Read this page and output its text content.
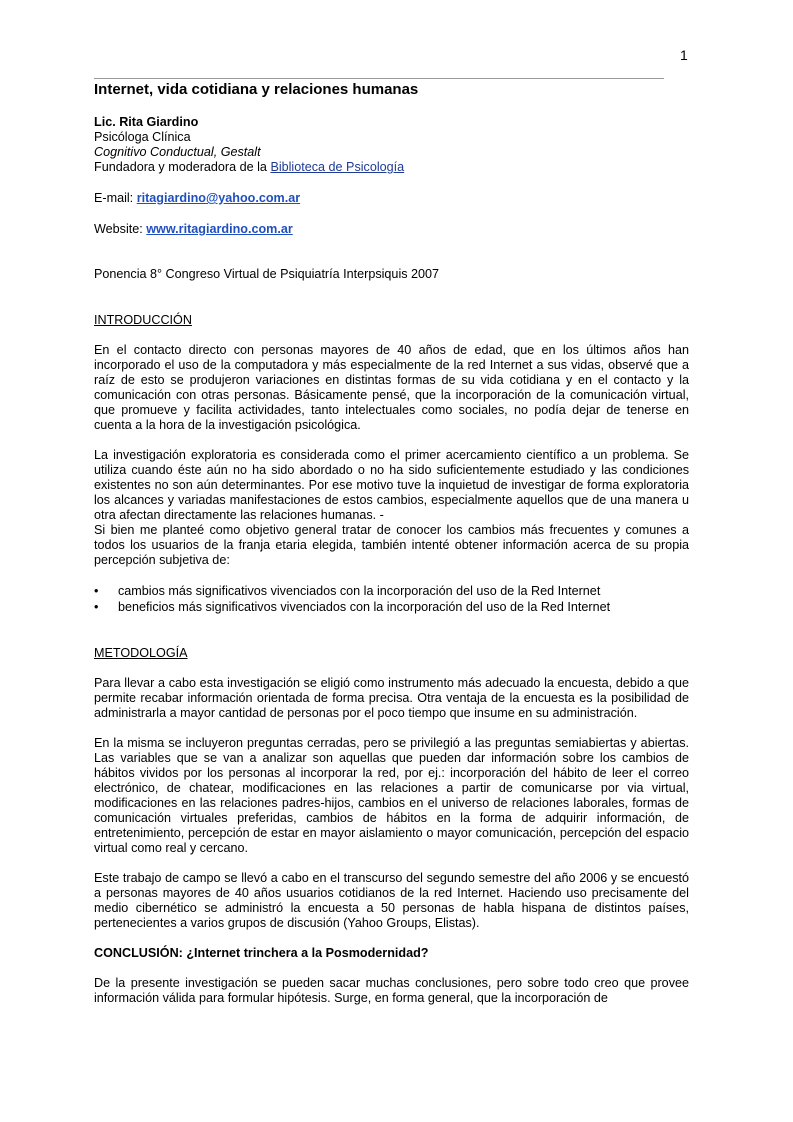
1
Internet, vida cotidiana y relaciones humanas

Lic. Rita Giardino

Psicóloga Clínica

Cognitivo Conductual, Gestalt

Fundadora y moderadora de la Biblioteca de Psicología

E-mail: ritagiardino@yahoo.com.ar

Website: www.ritagiardino.com.ar

Ponencia 8° Congreso Virtual de Psiquiatría Interpsiquis 2007

INTRODUCCIÓN

En el contacto directo con personas mayores de 40 años de edad, que en los últimos años han incorporado el uso de la computadora y más especialmente de la red Internet a sus vidas, observé que a raíz de esto se produjeron variaciones en distintas formas de su vida cotidiana y en el contacto y la comunicación con otras personas. Básicamente pensé, que la incorporación de la comunicación virtual, que promueve y facilita actividades, tanto intelectuales como sociales, no podía dejar de tenerse en cuenta a la hora de la investigación psicológica.

La investigación exploratoria es considerada como el primer acercamiento científico a un problema. Se utiliza cuando éste aún no ha sido abordado o no ha sido suficientemente estudiado y las condiciones existentes no son aún determinantes. Por ese motivo tuve la inquietud de investigar de forma exploratoria los alcances y variadas manifestaciones de estos cambios, especialmente aquellos que de una manera u otra afectan directamente las relaciones humanas. -

Si bien me planteé como objetivo general tratar de conocer los cambios más frecuentes y comunes a todos los usuarios de la franja etaria elegida, también intenté obtener información acerca de su propia percepción subjetiva de:

• cambios más significativos vivenciados con la incorporación del uso de la Red Internet
• beneficios más significativos vivenciados con la incorporación del uso de la Red Internet

METODOLOGÍA

Para llevar a cabo esta investigación se eligió como instrumento más adecuado la encuesta, debido a que permite recabar información orientada de forma precisa. Otra ventaja de la encuesta es la posibilidad de administrarla a mayor cantidad de personas por el poco tiempo que insume en su administración.

En la misma se incluyeron preguntas cerradas, pero se privilegió a las preguntas semiabiertas y abiertas. Las variables que se van a analizar son aquellas que pueden dar información sobre los cambios de hábitos vividos por los personas al incorporar la red, por ej.: incorporación del hábito de leer el correo electrónico, de chatear, modificaciones en las relaciones a partir de comunicarse por via virtual, modificaciones en las relaciones padres-hijos, cambios en el universo de relaciones laborales, formas de comunicación virtuales preferidas, cambios de hábitos en la forma de adquirir información, de entretenimiento, percepción de estar en mayor aislamiento o mayor comunicación, percepción del espacio virtual como real y cercano.

Este trabajo de campo se llevó a cabo en el transcurso del segundo semestre del año 2006 y se encuestó a personas mayores de 40 años usuarios cotidianos de la red Internet. Haciendo uso precisamente del medio cibernético se administró la encuesta a 50 personas de habla hispana de distintos países, pertenecientes a varios grupos de discusión (Yahoo Groups, Elistas).

CONCLUSIÓN: ¿Internet trinchera a la Posmodernidad?

De la presente investigación se pueden sacar muchas conclusiones, pero sobre todo creo que provee información válida para formular hipótesis. Surge, en forma general, que la incorporación de
